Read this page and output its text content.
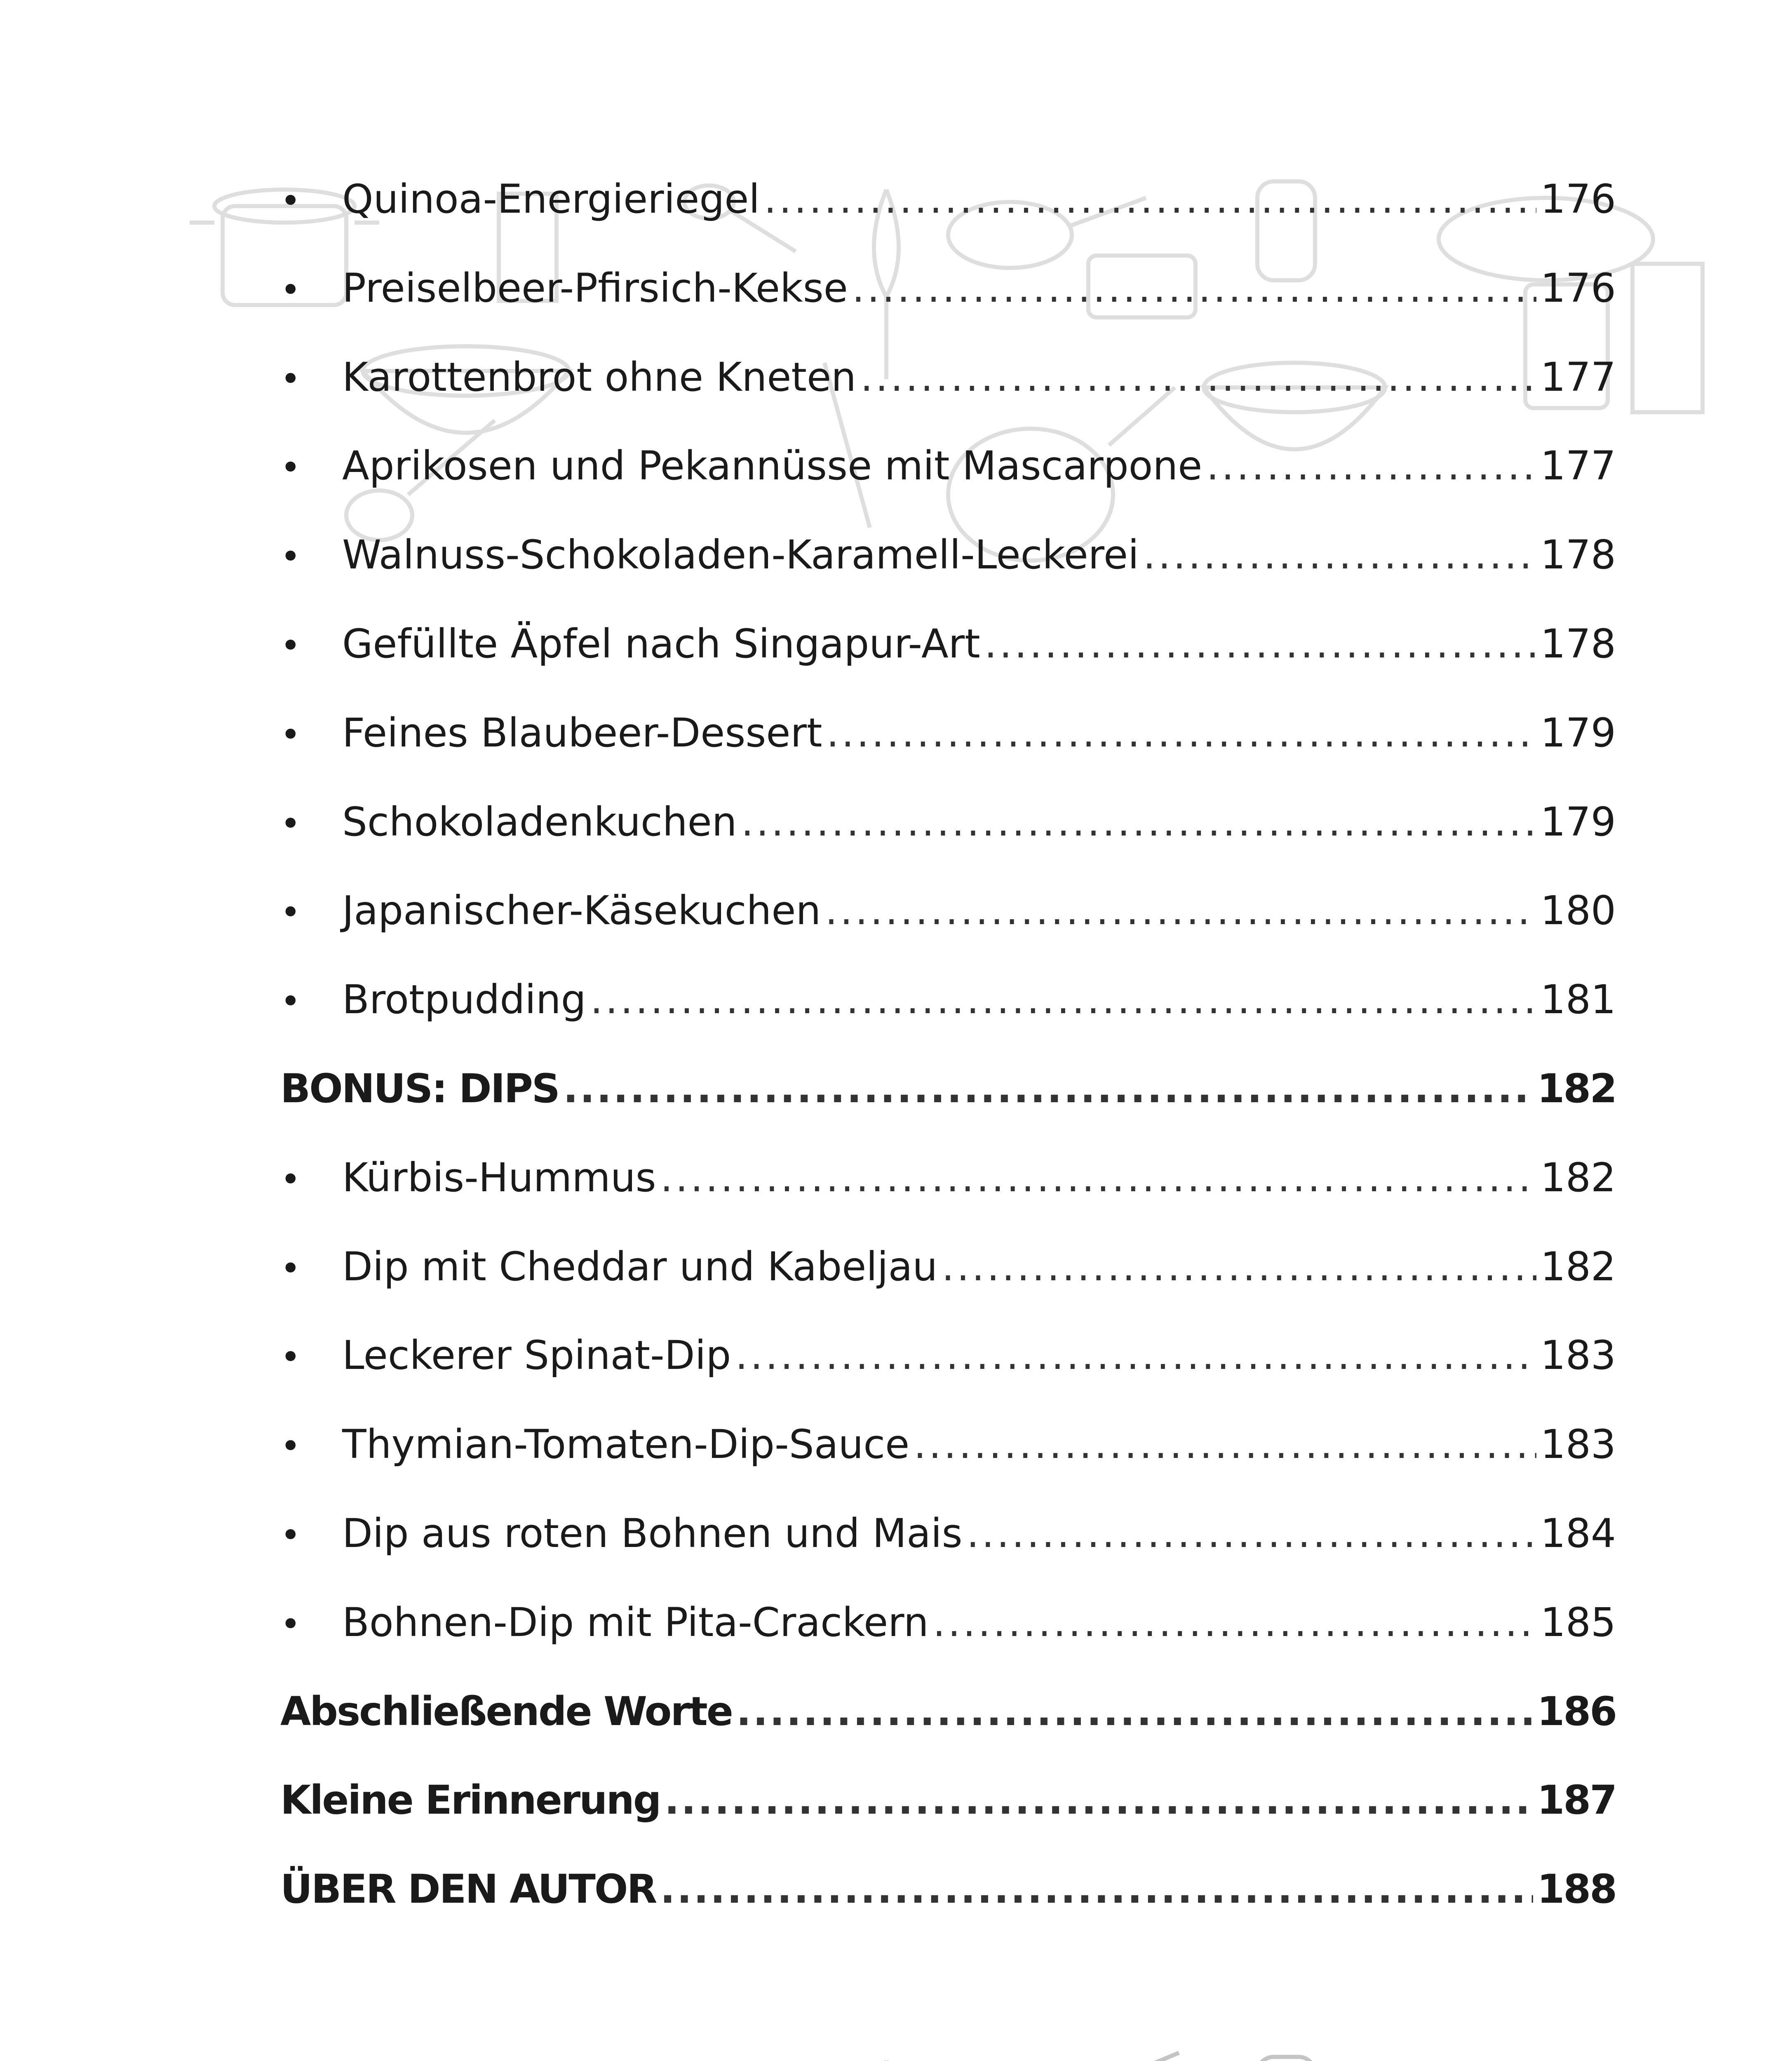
•	Quinoa-Energieriegel .....	176
•	Preiselbeer-Pfirsich-Kekse .....	176
•	Karottenbrot ohne Kneten .....	177
•	Aprikosen und Pekannüsse mit Mascarpone .....	177
•	Walnuss-Schokoladen-Karamell-Leckerei .....	178
•	Gefüllte Äpfel nach Singapur-Art .....	178
•	Feines Blaubeer-Dessert .....	179
•	Schokoladenkuchen .....	179
•	Japanischer-Käsekuchen .....	180
•	Brotpudding .....	181
BONUS: DIPS .....	182
•	Kürbis-Hummus .....	182
•	Dip mit Cheddar und Kabeljau .....	182
•	Leckerer Spinat-Dip .....	183
•	Thymian-Tomaten-Dip-Sauce .....	183
•	Dip aus roten Bohnen und Mais .....	184
•	Bohnen-Dip mit Pita-Crackern .....	185
Abschließende Worte .....	186
Kleine Erinnerung .....	187
ÜBER DEN AUTOR .....	188
